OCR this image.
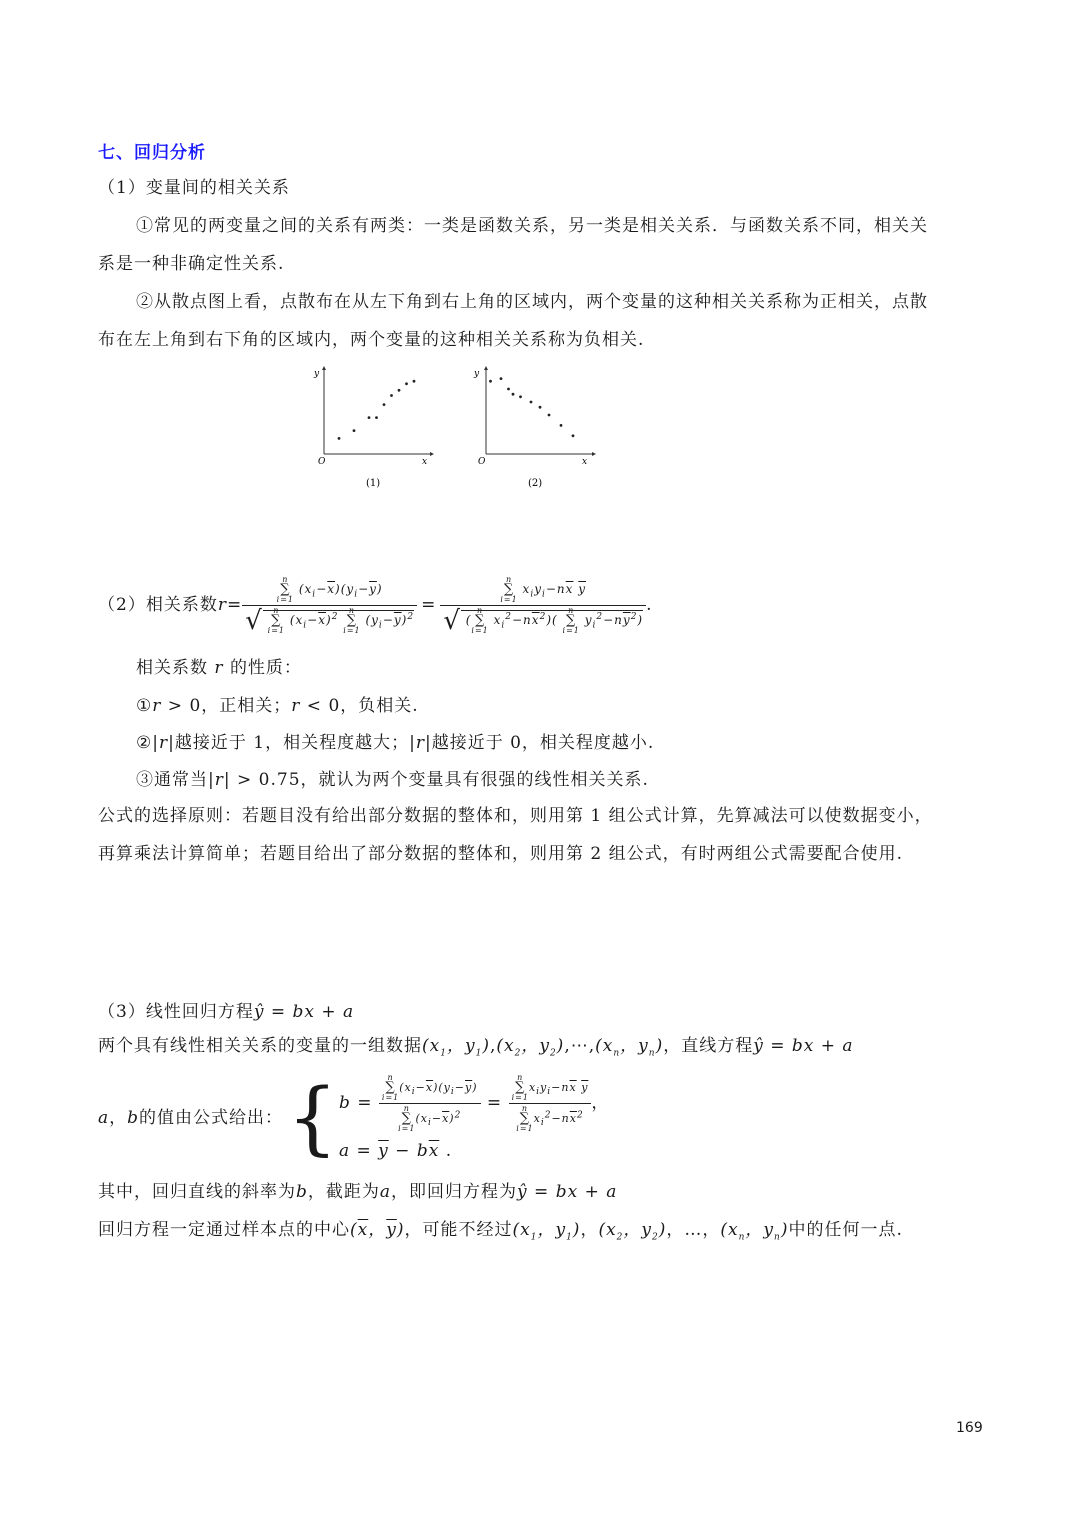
七、回归分析
（1）变量间的相关关系
①常见的两变量之间的关系有两类：一类是函数关系，另一类是相关关系．与函数关系不同，相关关
系是一种非确定性关系.
②从散点图上看，点散布在从左下角到右上角的区域内，两个变量的这种相关关系称为正相关，点散
布在左上角到右下角的区域内，两个变量的这种相关关系称为负相关.
y
x
O
(1)
y
x
O
(2)
（2）相关系数 r =
n
∑
i=1 $(x_i-\overline{x})(y_i-\overline{y})$
√ n
∑
i=1 $(x_i-\overline{x})^2$ n
∑
i=1 $(y_i-\overline{y})^2$
=
n
∑
i=1 $x_iy_i-n\overline{x}$ $\overline{y}$
√ (n
∑
i=1 $x_i^2-n\overline{x}^2$)( n
∑
i=1 $y_i^2-n\overline{y}^2$)
.
相关系数 r 的性质：
①r > 0，正相关；r < 0，负相关.
②|r|越接近于 1，相关程度越大；|r|越接近于 0，相关程度越小.
③通常当|r| > 0.75，就认为两个变量具有很强的线性相关关系.
公式的选择原则：若题目没有给出部分数据的整体和，则用第 1 组公式计算，先算减法可以使数据变小，
再算乘法计算简单；若题目给出了部分数据的整体和，则用第 2 组公式，有时两组公式需要配合使用.
（3）线性回归方程ŷ = bx + a
两个具有线性相关关系的变量的一组数据($x_1$，$y_1),(x_2$，$y_2),\cdots,(x_n$，$y_n$)，直线方程ŷ = bx + a
a ， b 的值由公式给出： { b = n
∑
$i=1(x_i-\overline{x})(y_i-\overline{y})$
n
∑
$i=1(x_i-\overline{x})^2 = n$
∑
$i=1x_iy_i-n\overline{x}$ $\overline{y}$
n
∑
$i=1x_i^2-n\overline{x}^2$ ，
$a = \overline{y} - b\overline{x}$ .
其中，回归直线的斜率为b，截距为a，即回归方程为ŷ = bx + a
回归方程一定通过样本点的中心($\overline{x}$，$\overline{y}$)，可能不经过($x_1$，$y_1$)，($x_2$，$y_2$)，…，($x_n$，$y_n$)中的任何一点.
169
